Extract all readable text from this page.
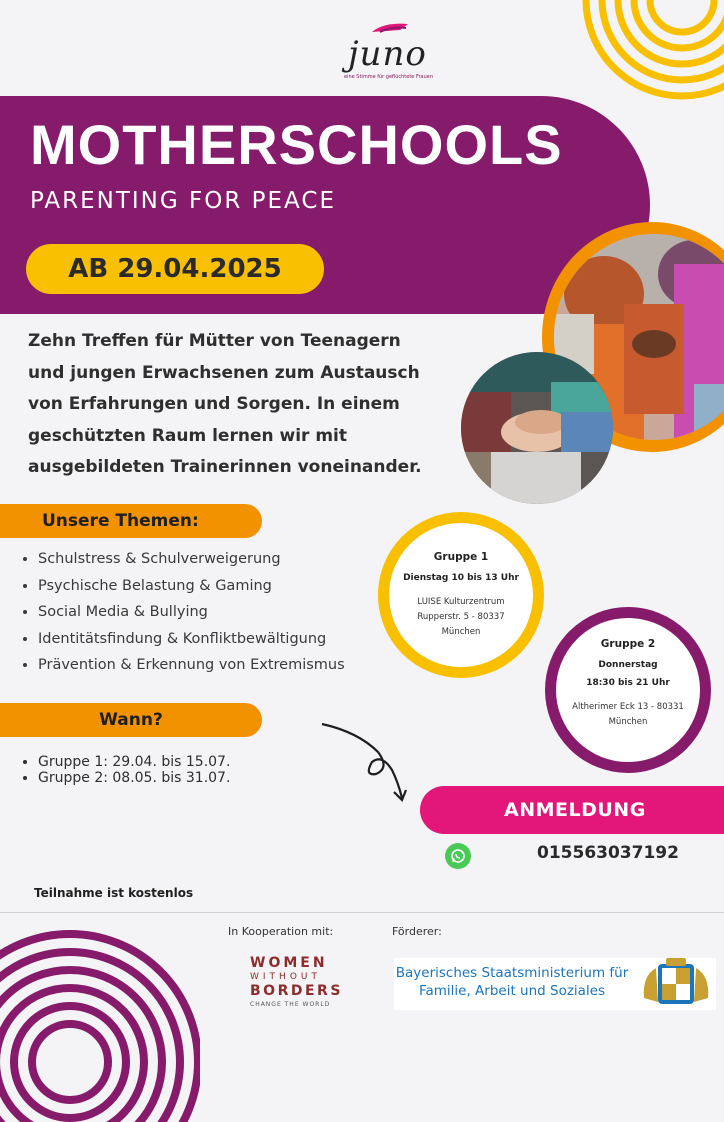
juno
eine Stimme für geflüchtete Frauen
MOTHERSCHOOLS
PARENTING FOR PEACE
AB 29.04.2025
Zehn Treffen für Mütter von Teenagern und jungen Erwachsenen zum Austausch von Erfahrungen und Sorgen. In einem geschützten Raum lernen wir mit ausgebildeten Trainerinnen voneinander.
Unsere Themen:
• Schulstress & Schulverweigerung
• Psychische Belastung & Gaming
• Social Media & Bullying
• Identitätsfindung & Konfliktbewältigung
• Prävention & Erkennung von Extremismus
Wann?
• Gruppe 1: 29.04. bis 15.07.
• Gruppe 2: 08.05. bis 31.07.
Gruppe 1
Dienstag 10 bis 13 Uhr
LUISE Kulturzentrum
Rupperstr. 5 - 80337
München
Gruppe 2
Donnerstag
18:30 bis 21 Uhr
Altherimer Eck 13 - 80331
München
ANMELDUNG
015563037192
Teilnahme ist kostenlos
In Kooperation mit:	Förderer:
WOMEN
WITHOUT
BORDERS
CHANGE THE WORLD
Bayerisches Staatsministerium für
Familie, Arbeit und Soziales
